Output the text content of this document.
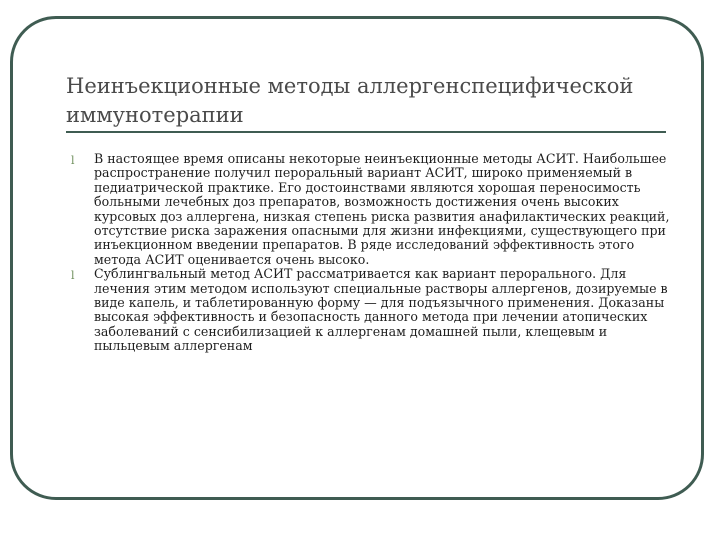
Неинъекционные методы аллергенспецифической иммунотерапии
l В настоящее время описаны некоторые неинъекционные методы АСИТ. Наибольшее распространение получил пероральный вариант АСИТ, широко применяемый в педиатрической практике. Его достоинствами являются хорошая переносимость больными лечебных доз препаратов, возможность достижения очень высоких курсовых доз аллергена, низкая степень риска развития анафилактических реакций, отсутствие риска заражения опасными для жизни инфекциями, существующего при инъекционном введении препаратов. В ряде исследований эффективность этого метода АСИТ оценивается очень высоко.
l Сублингвальный метод АСИТ рассматривается как вариант перорального. Для лечения этим методом используют специальные растворы аллергенов, дозируемые в виде капель, и таблетированную форму — для подъязычного применения. Доказаны высокая эффективность и безопасность данного метода при лечении атопических заболеваний с сенсибилизацией к аллергенам домашней пыли, клещевым и пыльцевым аллергенам
